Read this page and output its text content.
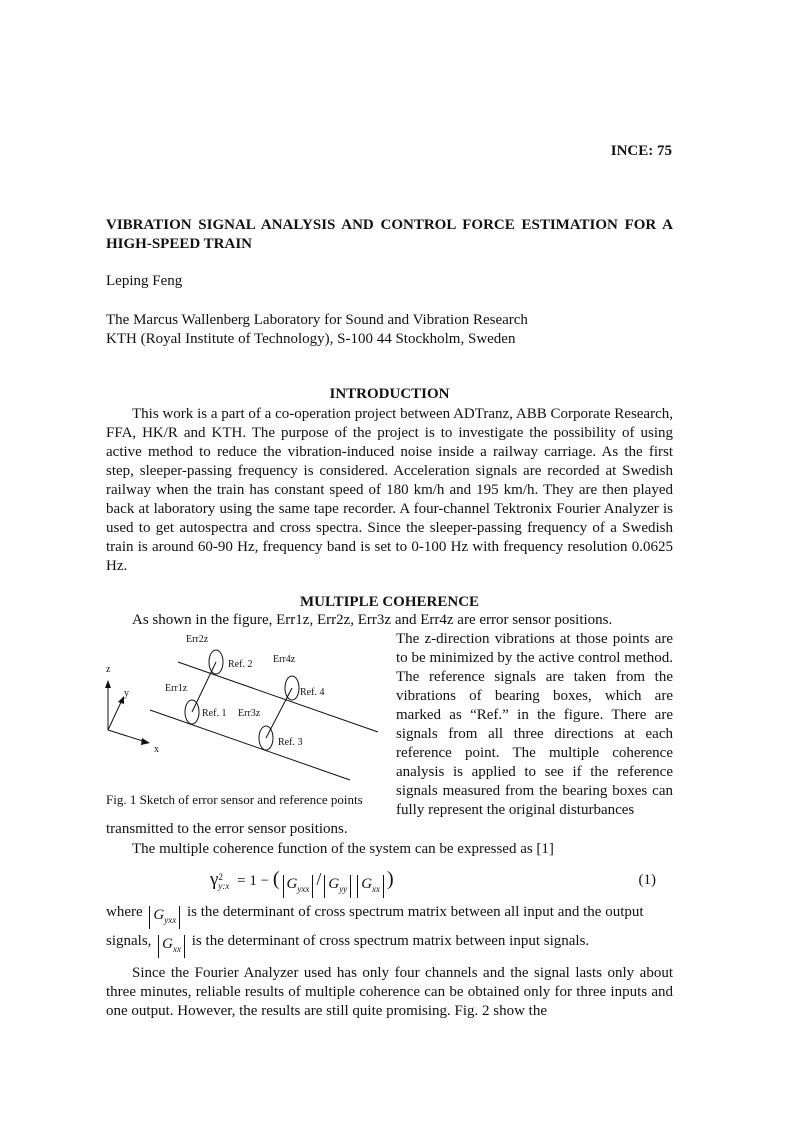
INCE: 75
VIBRATION SIGNAL ANALYSIS AND CONTROL FORCE ESTIMATION FOR A HIGH-SPEED TRAIN
Leping Feng
The Marcus Wallenberg Laboratory for Sound and Vibration Research
KTH (Royal Institute of Technology), S-100 44 Stockholm, Sweden
INTRODUCTION

This work is a part of a co-operation project between ADTranz, ABB Corporate Research, FFA, HK/R and KTH. The purpose of the project is to investigate the possibility of using active method to reduce the vibration-induced noise inside a railway carriage. As the first step, sleeper-passing frequency is considered. Acceleration signals are recorded at Swedish railway when the train has constant speed of 180 km/h and 195 km/h. They are then played back at laboratory using the same tape recorder. A four-channel Tektronix Fourier Analyzer is used to get autospectra and cross spectra. Since the sleeper-passing frequency of a Swedish train is around 60-90 Hz, frequency band is set to 0-100 Hz with frequency resolution 0.0625 Hz.

MULTIPLE COHERENCE

As shown in the figure, Err1z, Err2z, Err3z and Err4z are error sensor positions.

Err2z
Ref. 2 Err4z
Ref. 4
Err1z
Ref. 1 Err3z
Ref. 3
z
y
x
Fig. 1 Sketch of error sensor and reference points

The z-direction vibrations at those points are to be minimized by the active control method. The reference signals are taken from the vibrations of bearing boxes, which are marked as “Ref.” in the figure. There are signals from all three directions at each reference point. The multiple coherence analysis is applied to see if the reference signals measured from the bearing boxes can fully represent the original disturbances

transmitted to the error sensor positions.

The multiple coherence function of the system can be expressed as [1]

γ 2
y:x = 1 − ( $G_{yxx} / G_{yy}$ $G_{xx}$ )	(1)
where $G_{yxx}$ is the determinant of cross spectrum matrix between all input and the output
signals, $G_{xx}$ is the determinant of cross spectrum matrix between input signals.

Since the Fourier Analyzer used has only four channels and the signal lasts only about three minutes, reliable results of multiple coherence can be obtained only for three inputs and one output. However, the results are still quite promising. Fig. 2 show the
